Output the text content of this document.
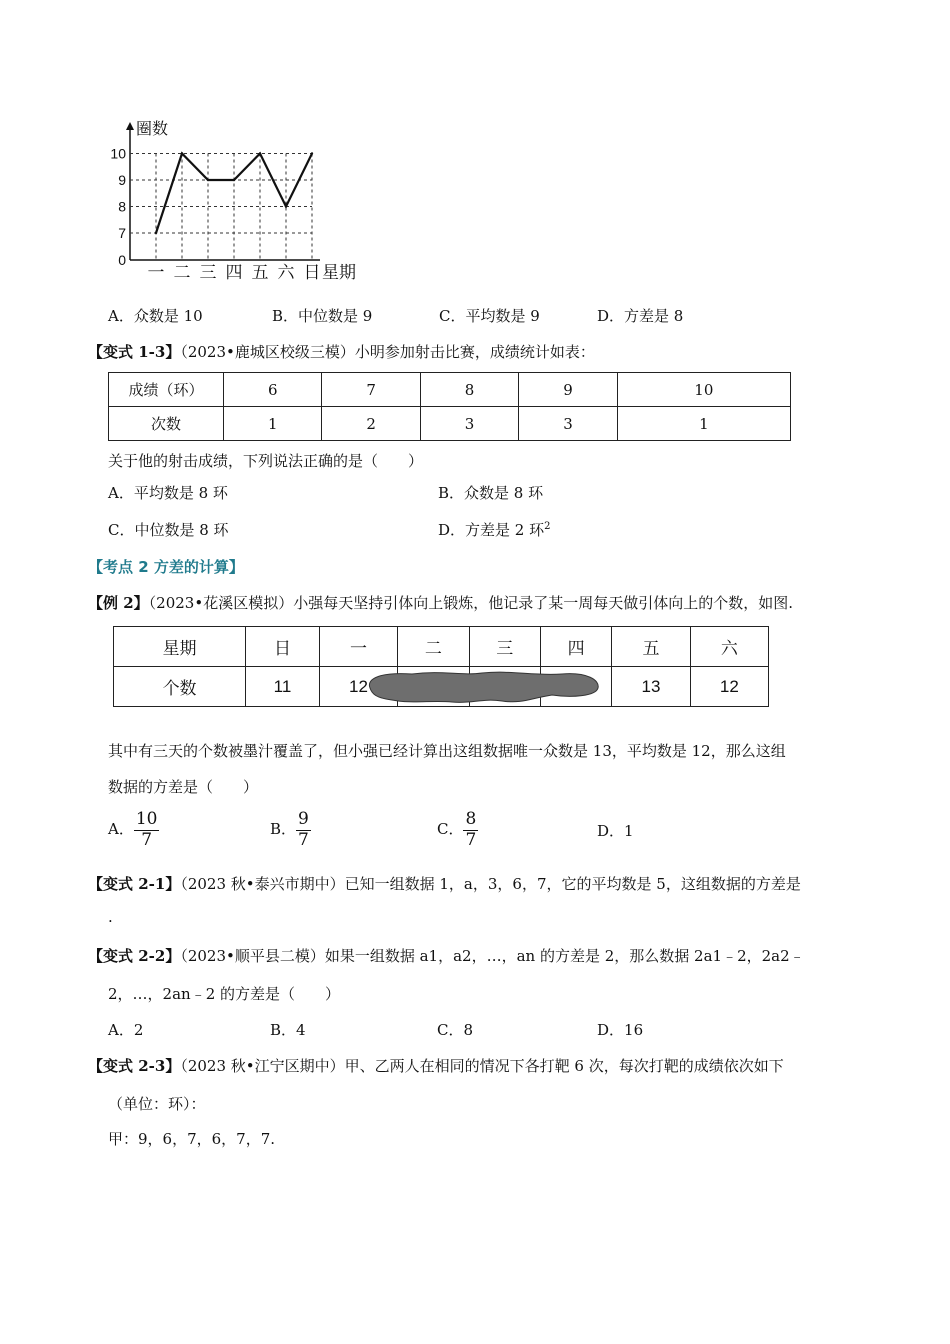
0
7
8
9
10
圈数
一 二 三 四 五 六 日 星期
A．众数是 10	B．中位数是 9	C．平均数是 9	D．方差是 8
【变式 1-3】（2023•鹿城区校级三模）小明参加射击比赛，成绩统计如表：
成绩（环）	6	7	8	9	10
次数	1	2	3	3	1
关于他的射击成绩，下列说法正确的是（　　）
A．平均数是 8 环	B．众数是 8 环
C．中位数是 8 环	D．方差是 2 环$^2$
【考点 2 方差的计算】
【例 2】（2023•花溪区模拟）小强每天坚持引体向上锻炼，他记录了某一周每天做引体向上的个数，如图.
星期	日	一	二	三	四	五	六
个数	11	12				13	12
其中有三天的个数被墨汁覆盖了，但小强已经计算出这组数据唯一众数是 13，平均数是 12，那么这组
数据的方差是（　　）
A． $\frac{10}{7}$	B． $\frac{9}{7}$	C． $\frac{8}{7}$	D．1
【变式 2-1】（2023 秋•泰兴市期中）已知一组数据 1，a，3，6，7，它的平均数是 5，这组数据的方差是
.
【变式 2-2】（2023•顺平县二模）如果一组数据 a1，a2，…，an 的方差是 2，那么数据 2a1﹣2，2a2﹣
2，…，2an﹣2 的方差是（　　）
A．2	B．4	C．8	D．16
【变式 2-3】（2023 秋•江宁区期中）甲、乙两人在相同的情况下各打靶 6 次，每次打靶的成绩依次如下
（单位：环）：
甲：9，6，7，6，7，7.
